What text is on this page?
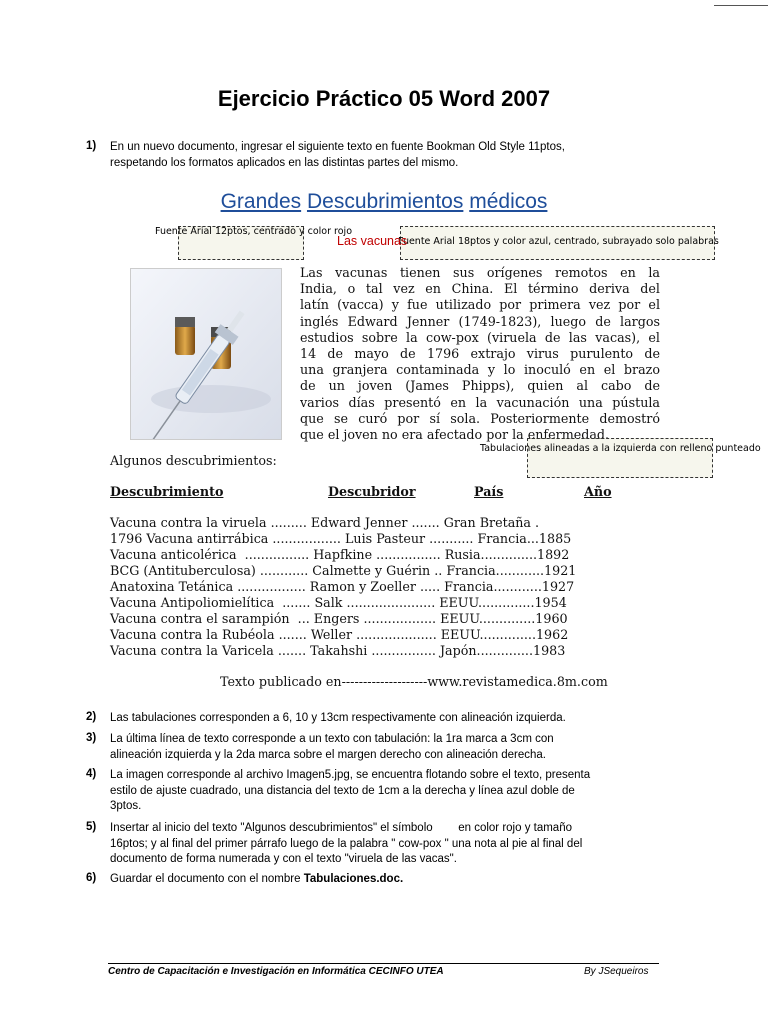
Ejercicio Práctico 05 Word 2007
1) En un nuevo documento, ingresar el siguiente texto en fuente Bookman Old Style 11ptos,
respetando los formatos aplicados en las distintas partes del mismo.
Grandes Descubrimientos médicos
Fuente Arial 12ptos, centrado y color rojo
Fuente Arial 18ptos y color azul, centrado, subrayado solo palabras
Las vacunas
Las vacunas tienen sus orígenes remotos en la
India, o tal vez en China. El término deriva del
latín (vacca) y fue utilizado por primera vez por el
inglés Edward Jenner (1749-1823), luego de largos
estudios sobre la cow-pox (viruela de las vacas), el
14 de mayo de 1796 extrajo virus purulento de
una granjera contaminada y lo inoculó en el brazo
de un joven (James Phipps), quien al cabo de
varios días presentó en la vacunación una pústula
que se curó por sí sola. Posteriormente demostró
que el joven no era afectado por la enfermedad.
Tabulaciones alineadas a la izquierda con relleno punteado
Algunos descubrimientos:
Descubrimiento	Descubridor	País	Año
Vacuna contra la viruela ......... Edward Jenner ....... Gran Bretaña .
1796 Vacuna antirrábica ................. Luis Pasteur ........... Francia...1885
Vacuna anticolérica  ................ Hapfkine ................ Rusia..............1892
BCG (Antituberculosa) ............ Calmette y Guérin .. Francia............1921
Anatoxina Tetánica ................. Ramon y Zoeller ..... Francia............1927
Vacuna Antipoliomielítica  ....... Salk ...................... EEUU..............1954
Vacuna contra el sarampión  ... Engers .................. EEUU..............1960
Vacuna contra la Rubéola ....... Weller .................... EEUU..............1962
Vacuna contra la Varicela ....... Takahshi ................ Japón..............1983
Texto publicado en--------------------www.revistamedica.8m.com
2) Las tabulaciones corresponden a 6, 10 y 13cm respectivamente con alineación izquierda.
3) La última línea de texto corresponde a un texto con tabulación: la 1ra marca a 3cm con
alineación izquierda y la 2da marca sobre el margen derecho con alineación derecha.
4) La imagen corresponde al archivo Imagen5.jpg, se encuentra flotando sobre el texto, presenta
estilo de ajuste cuadrado, una distancia del texto de 1cm a la derecha y línea azul doble de
3ptos.
5) Insertar al inicio del texto "Algunos descubrimientos" el símbolo        en color rojo y tamaño
16ptos; y al final del primer párrafo luego de la palabra " cow-pox " una nota al pie al final del
documento de forma numerada y con el texto "viruela de las vacas".
6) Guardar el documento con el nombre Tabulaciones.doc.
Centro de Capacitación e Investigación en Informática CECINFO UTEA	By JSequeiros
